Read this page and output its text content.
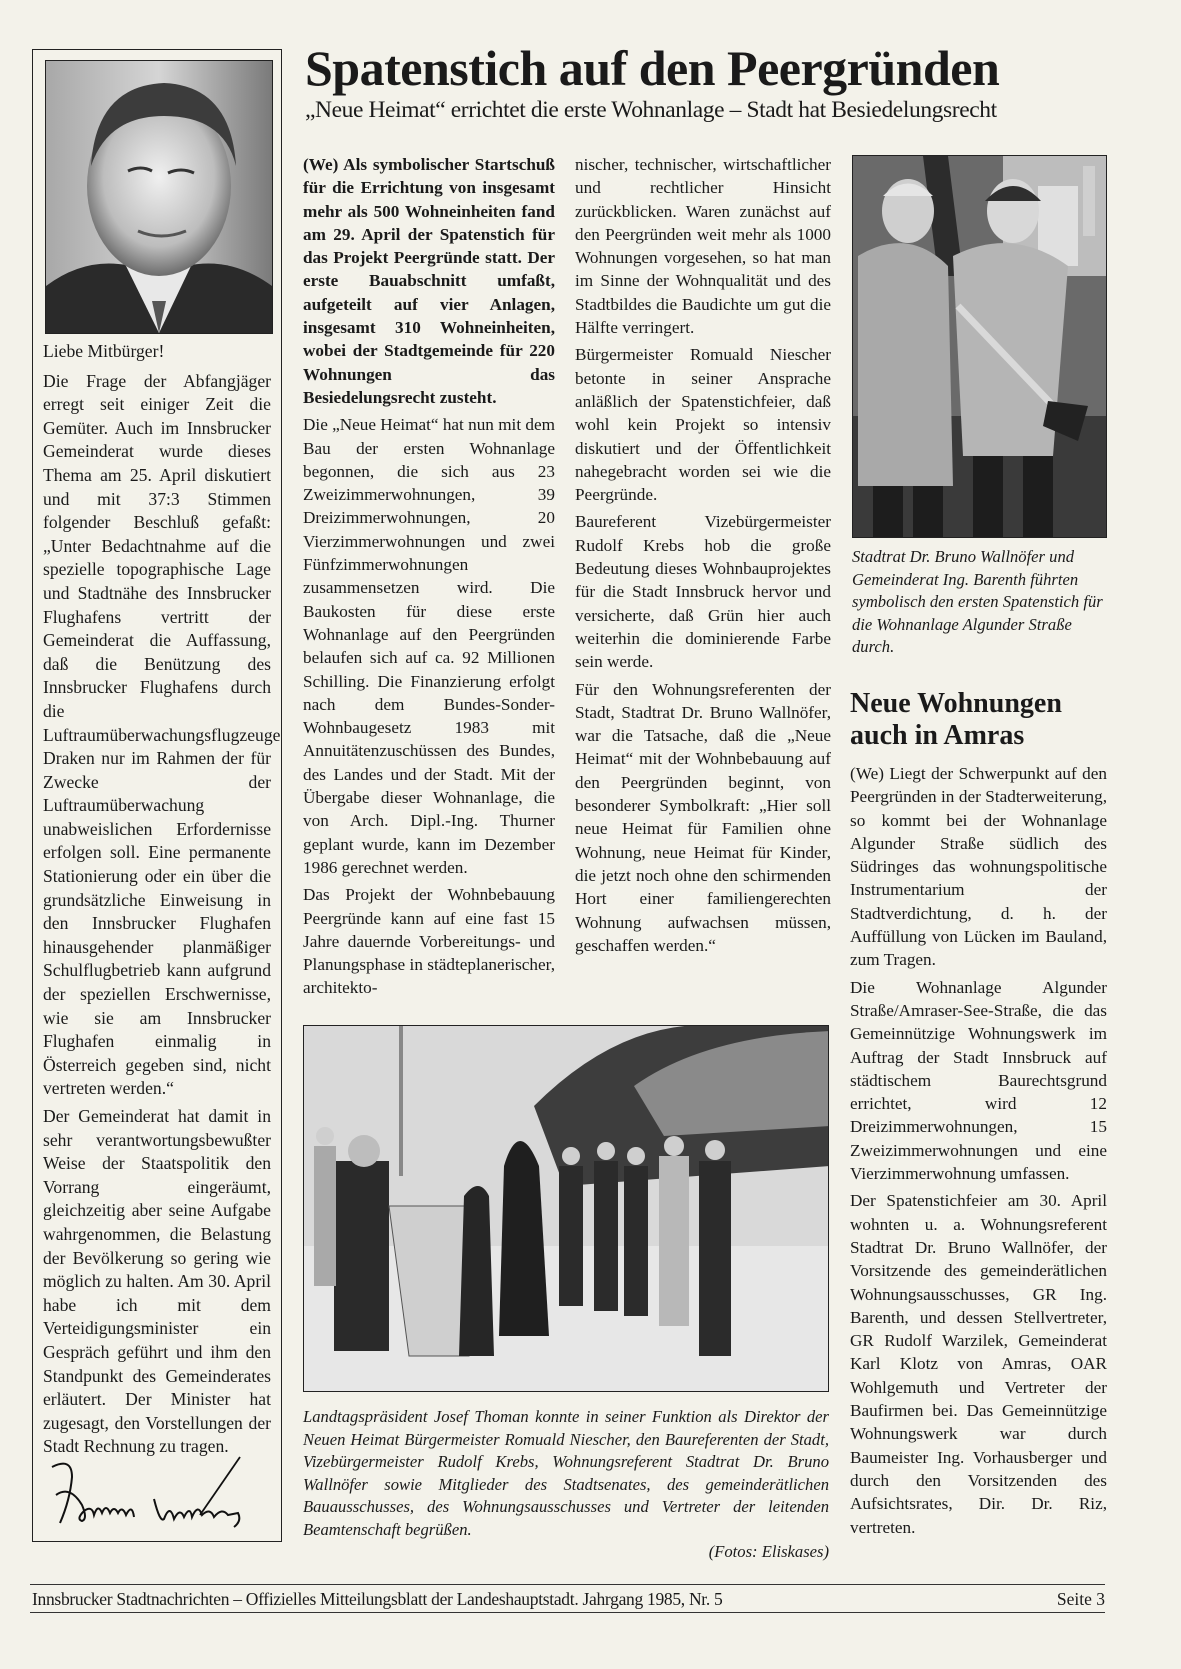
Spatenstich auf den Peergründen
„Neue Heimat“ errichtet die erste Wohnanlage – Stadt hat Besiedelungsrecht

Liebe Mitbürger!

Die Frage der Abfangjäger erregt seit einiger Zeit die Gemüter. Auch im Innsbrucker Gemeinderat wurde dieses Thema am 25. April diskutiert und mit 37:3 Stimmen folgender Beschluß gefaßt: „Unter Bedachtnahme auf die spezielle topographische Lage und Stadtnähe des Innsbrucker Flughafens vertritt der Gemeinderat die Auffassung, daß die Benützung des Innsbrucker Flughafens durch die Luftraumüberwachungsflugzeuge Draken nur im Rahmen der für Zwecke der Luftraumüberwachung unabweislichen Erfordernisse erfolgen soll. Eine permanente Stationierung oder ein über die grundsätzliche Einweisung in den Innsbrucker Flughafen hinausgehender planmäßiger Schulflugbetrieb kann aufgrund der speziellen Erschwernisse, wie sie am Innsbrucker Flughafen einmalig in Österreich gegeben sind, nicht vertreten werden.“

Der Gemeinderat hat damit in sehr verantwortungsbewußter Weise der Staatspolitik den Vorrang eingeräumt, gleichzeitig aber seine Aufgabe wahrgenommen, die Belastung der Bevölkerung so gering wie möglich zu halten. Am 30. April habe ich mit dem Verteidigungsminister ein Gespräch geführt und ihm den Standpunkt des Gemeinderates erläutert. Der Minister hat zugesagt, den Vorstellungen der Stadt Rechnung zu tragen.

(We) Als symbolischer Startschuß für die Errichtung von insgesamt mehr als 500 Wohneinheiten fand am 29. April der Spatenstich für das Projekt Peergründe statt. Der erste Bauabschnitt umfaßt, aufgeteilt auf vier Anlagen, insgesamt 310 Wohneinheiten, wobei der Stadtgemeinde für 220 Wohnungen das Besiedelungsrecht zusteht.

Die „Neue Heimat“ hat nun mit dem Bau der ersten Wohnanlage begonnen, die sich aus 23 Zweizimmerwohnungen, 39 Dreizimmerwohnungen, 20 Vierzimmerwohnungen und zwei Fünfzimmerwohnungen zusammensetzen wird. Die Baukosten für diese erste Wohnanlage auf den Peergründen belaufen sich auf ca. 92 Millionen Schilling. Die Finanzierung erfolgt nach dem Bundes-Sonder-Wohnbaugesetz 1983 mit Annuitätenzuschüssen des Bundes, des Landes und der Stadt. Mit der Übergabe dieser Wohnanlage, die von Arch. Dipl.-Ing. Thurner geplant wurde, kann im Dezember 1986 gerechnet werden.

Das Projekt der Wohnbebauung Peergründe kann auf eine fast 15 Jahre dauernde Vorbereitungs- und Planungsphase in städteplanerischer, architekto-

nischer, technischer, wirtschaftlicher und rechtlicher Hinsicht zurückblicken. Waren zunächst auf den Peergründen weit mehr als 1000 Wohnungen vorgesehen, so hat man im Sinne der Wohnqualität und des Stadtbildes die Baudichte um gut die Hälfte verringert.

Bürgermeister Romuald Niescher betonte in seiner Ansprache anläßlich der Spatenstichfeier, daß wohl kein Projekt so intensiv diskutiert und der Öffentlichkeit nahegebracht worden sei wie die Peergründe.

Baureferent Vizebürgermeister Rudolf Krebs hob die große Bedeutung dieses Wohnbauprojektes für die Stadt Innsbruck hervor und versicherte, daß Grün hier auch weiterhin die dominierende Farbe sein werde.

Für den Wohnungsreferenten der Stadt, Stadtrat Dr. Bruno Wallnöfer, war die Tatsache, daß die „Neue Heimat“ mit der Wohnbebauung auf den Peergründen beginnt, von besonderer Symbolkraft: „Hier soll neue Heimat für Familien ohne Wohnung, neue Heimat für Kinder, die jetzt noch ohne den schirmenden Hort einer familiengerechten Wohnung aufwachsen müssen, geschaffen werden.“

Stadtrat Dr. Bruno Wallnöfer und Gemeinderat Ing. Barenth führten symbolisch den ersten Spatenstich für die Wohnanlage Algunder Straße durch.
Neue Wohnungen
auch in Amras

(We) Liegt der Schwerpunkt auf den Peergründen in der Stadterweiterung, so kommt bei der Wohnanlage Algunder Straße südlich des Südringes das wohnungspolitische Instrumentarium der Stadtverdichtung, d. h. der Auffüllung von Lücken im Bauland, zum Tragen.

Die Wohnanlage Algunder Straße/Amraser-See-Straße, die das Gemeinnützige Wohnungswerk im Auftrag der Stadt Innsbruck auf städtischem Baurechtsgrund errichtet, wird 12 Dreizimmerwohnungen, 15 Zweizimmerwohnungen und eine Vierzimmerwohnung umfassen.

Der Spatenstichfeier am 30. April wohnten u. a. Wohnungsreferent Stadtrat Dr. Bruno Wallnöfer, der Vorsitzende des gemeinderätlichen Wohnungsausschusses, GR Ing. Barenth, und dessen Stellvertreter, GR Rudolf Warzilek, Gemeinderat Karl Klotz von Amras, OAR Wohlgemuth und Vertreter der Baufirmen bei. Das Gemeinnützige Wohnungswerk war durch Baumeister Ing. Vorhausberger und durch den Vorsitzenden des Aufsichtsrates, Dir. Dr. Riz, vertreten.

Landtagspräsident Josef Thoman konnte in seiner Funktion als Direktor der Neuen Heimat Bürgermeister Romuald Niescher, den Baureferenten der Stadt, Vizebürgermeister Rudolf Krebs, Wohnungsreferent Stadtrat Dr. Bruno Wallnöfer sowie Mitglieder des Stadtsenates, des gemeinderätlichen Bauausschusses, des Wohnungsausschusses und Vertreter der leitenden Beamtenschaft begrüßen.

(Fotos: Eliskases)

Innsbrucker Stadtnachrichten – Offizielles Mitteilungsblatt der Landeshauptstadt. Jahrgang 1985, Nr. 5	Seite 3
